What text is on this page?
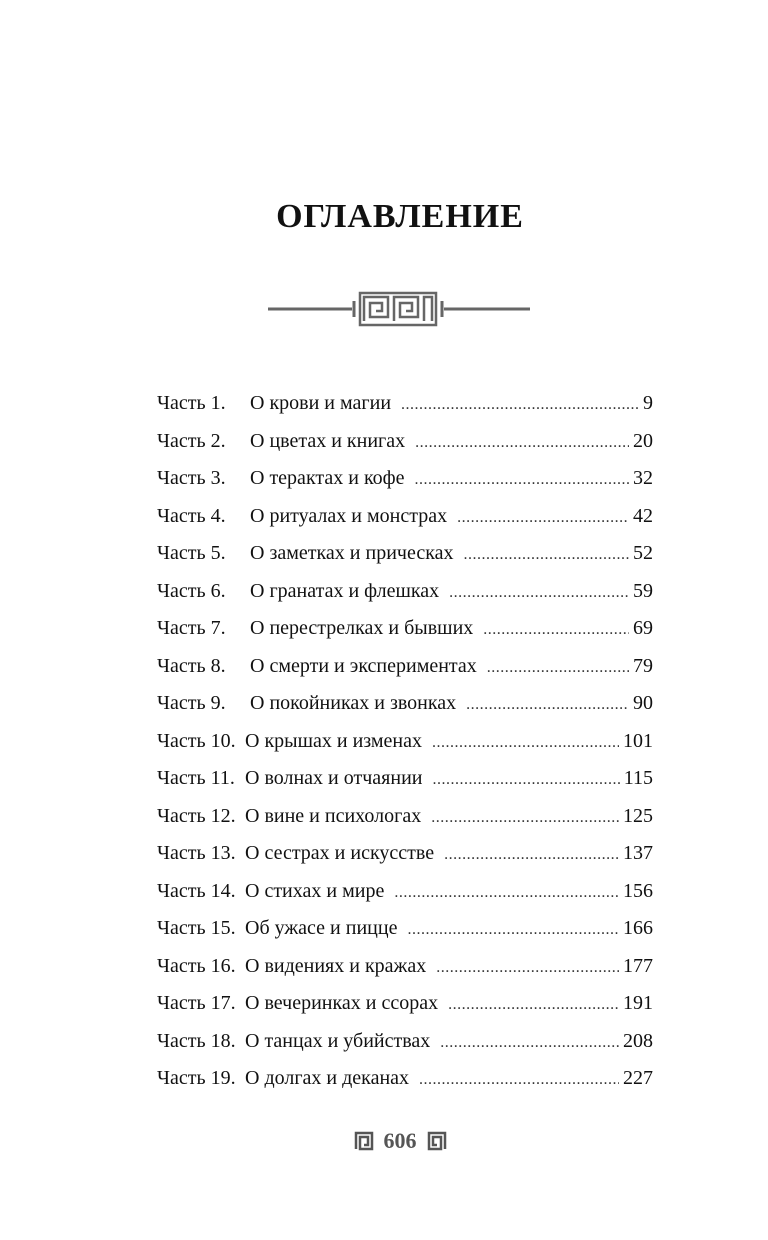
ОГЛАВЛЕНИЕ
Часть 1.	О крови и магии .....	9
Часть 2.	О цветах и книгах .....	20
Часть 3.	О терактах и кофе .....	32
Часть 4.	О ритуалах и монстрах .....	42
Часть 5.	О заметках и прическах .....	52
Часть 6.	О гранатах и флешках .....	59
Часть 7.	О перестрелках и бывших .....	69
Часть 8.	О смерти и экспериментах .....	79
Часть 9.	О покойниках и звонках .....	90
Часть 10. О крышах и изменах .....	101
Часть 11. О волнах и отчаянии .....	115
Часть 12. О вине и психологах .....	125
Часть 13. О сестрах и искусстве .....	137
Часть 14. О стихах и мире .....	156
Часть 15. Об ужасе и пицце .....	166
Часть 16. О видениях и кражах .....	177
Часть 17. О вечеринках и ссорах .....	191
Часть 18. О танцах и убийствах .....	208
Часть 19. О долгах и деканах .....	227
606
